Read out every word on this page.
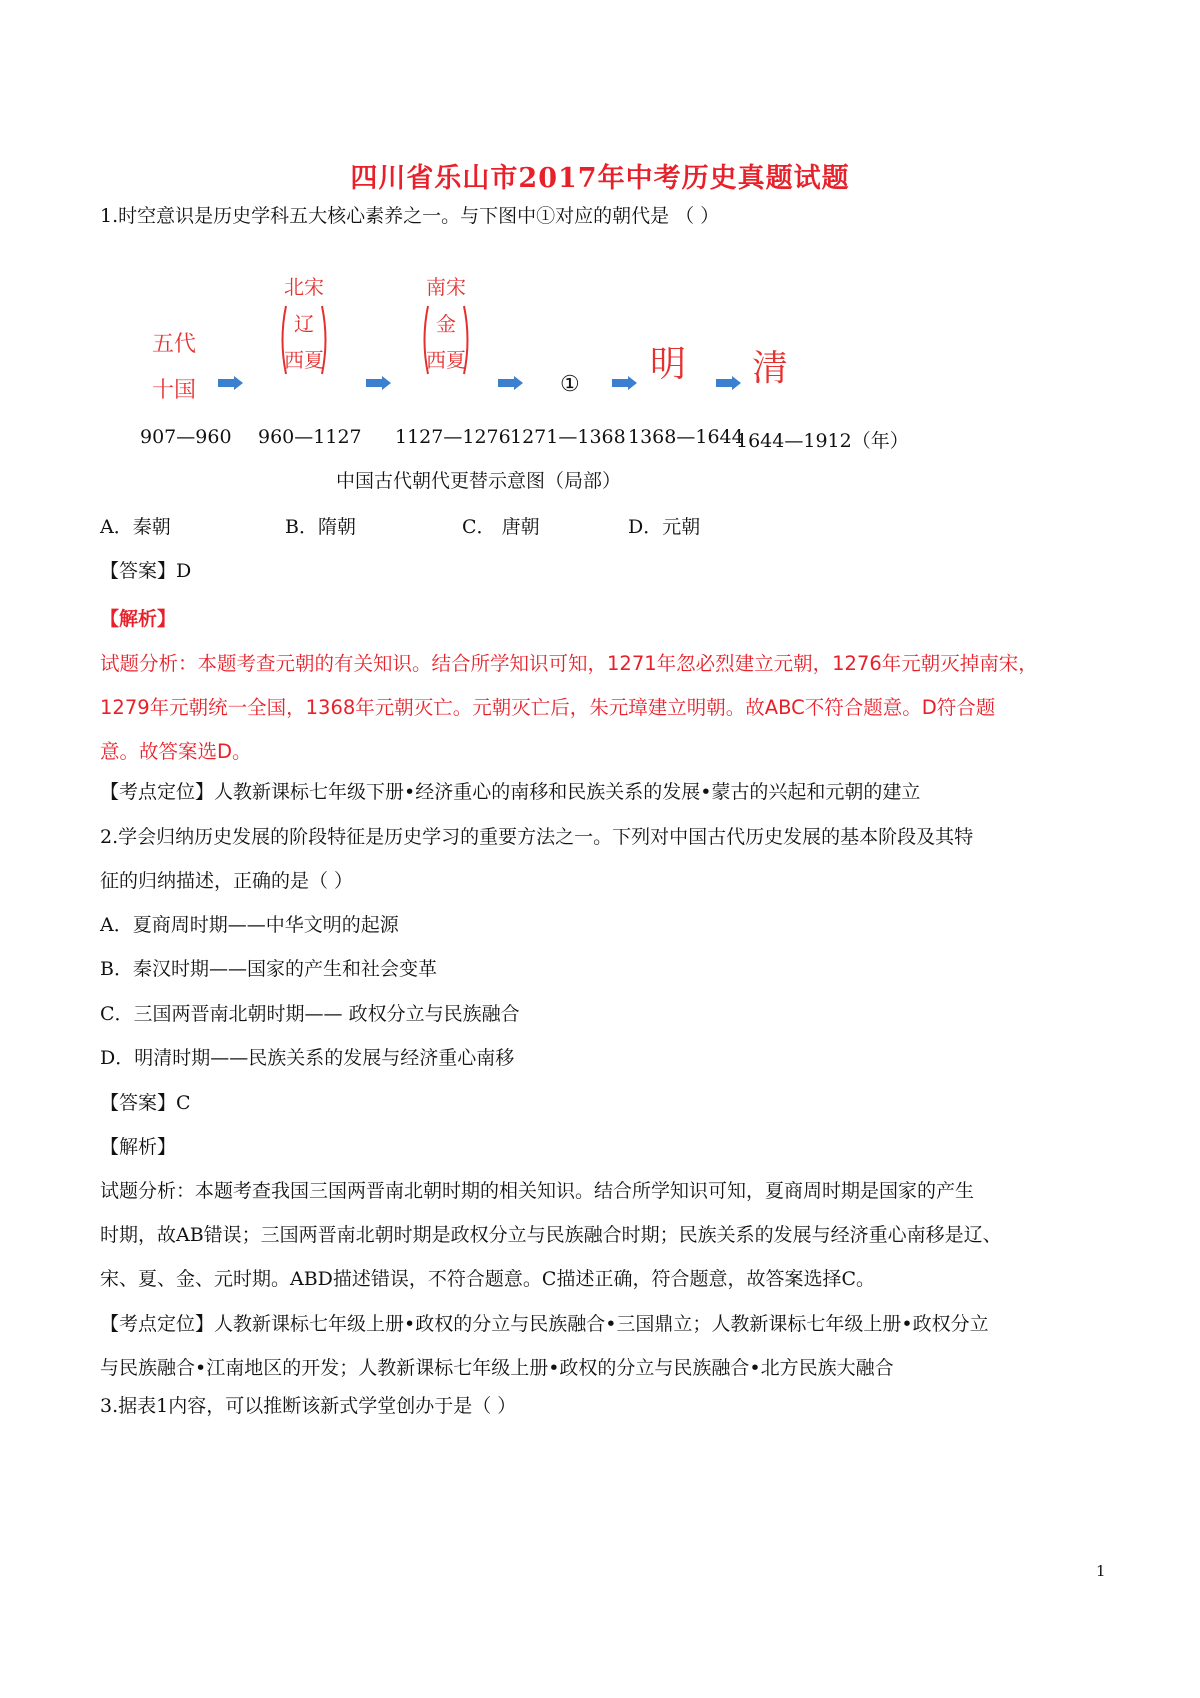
四川省乐山市2017年中考历史真题试题
1.时空意识是历史学科五大核心素养之一。与下图中①对应的朝代是 （ ）
五代
十国
北宋
辽
西夏
南宋
金
西夏
① 明 清
907—960 960—1127 1127—1276 1271—1368 1368—1644
1644—1912（年）
中国古代朝代更替示意图（局部）
A．秦朝	B．隋朝	C． 唐朝	D．元朝
【答案】D
【解析】
试题分析：本题考查元朝的有关知识。结合所学知识可知，1271年忽必烈建立元朝，1276年元朝灭掉南宋，
1279年元朝统一全国，1368年元朝灭亡。元朝灭亡后，朱元璋建立明朝。故ABC不符合题意。D符合题
意。故答案选D。
【考点定位】人教新课标七年级下册•经济重心的南移和民族关系的发展•蒙古的兴起和元朝的建立
2.学会归纳历史发展的阶段特征是历史学习的重要方法之一。下列对中国古代历史发展的基本阶段及其特
征的归纳描述，正确的是（ ）
A．夏商周时期——中华文明的起源
B．秦汉时期——国家的产生和社会变革
C．三国两晋南北朝时期—— 政权分立与民族融合
D．明清时期——民族关系的发展与经济重心南移
【答案】C
【解析】
试题分析：本题考查我国三国两晋南北朝时期的相关知识。结合所学知识可知，夏商周时期是国家的产生
时期，故AB错误；三国两晋南北朝时期是政权分立与民族融合时期；民族关系的发展与经济重心南移是辽、
宋、夏、金、元时期。ABD描述错误，不符合题意。C描述正确，符合题意，故答案选择C。
【考点定位】人教新课标七年级上册•政权的分立与民族融合•三国鼎立；人教新课标七年级上册•政权分立
与民族融合•江南地区的开发；人教新课标七年级上册•政权的分立与民族融合•北方民族大融合
3.据表1内容，可以推断该新式学堂创办于是（ ）
1
